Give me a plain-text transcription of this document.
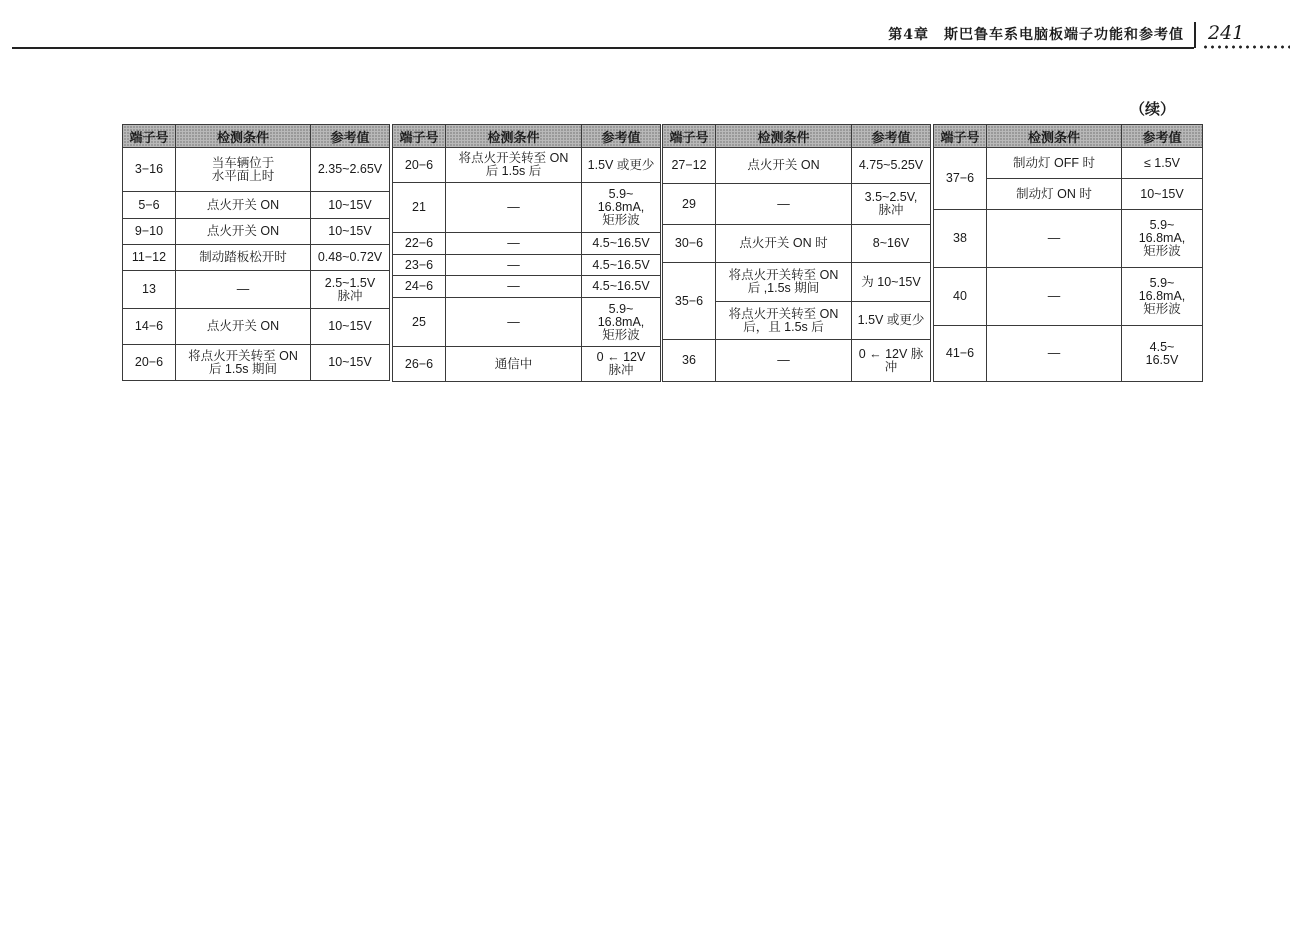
第4章　斯巴鲁车系电脑板端子功能和参考值 241
（续）
端子号	检测条件	参考值
3−16	当车辆位于
水平面上时	2.35~2.65V
5−6	点火开关 ON	10~15V
9−10	点火开关 ON	10~15V
11−12	制动踏板松开时	0.48~0.72V
13	—	2.5~1.5V
脉冲
14−6	点火开关 ON	10~15V
20−6	将点火开关转至 ON
后 1.5s 期间	10~15V
端子号	检测条件	参考值
20−6	将点火开关转至 ON
后 1.5s 后	1.5V 或更少
21	—	5.9~
16.8mA,
矩形波
22−6	—	4.5~16.5V
23−6	—	4.5~16.5V
24−6	—	4.5~16.5V
25	—	5.9~
16.8mA,
矩形波
26−6	通信中	0 ← 12V
脉冲
端子号	检测条件	参考值
27−12	点火开关 ON	4.75~5.25V
29	—	3.5~2.5V,
脉冲
30−6	点火开关 ON 时	8~16V
35−6	将点火开关转至 ON
后 ,1.5s 期间	为 10~15V
	将点火开关转至 ON
后，且 1.5s 后	1.5V 或更少
36	—	0 ← 12V 脉
冲
端子号	检测条件	参考值
37−6	制动灯 OFF 时	≤ 1.5V
	制动灯 ON 时	10~15V
38	—	5.9~
16.8mA,
矩形波
40	—	5.9~
16.8mA,
矩形波
41−6	—	4.5~
16.5V
